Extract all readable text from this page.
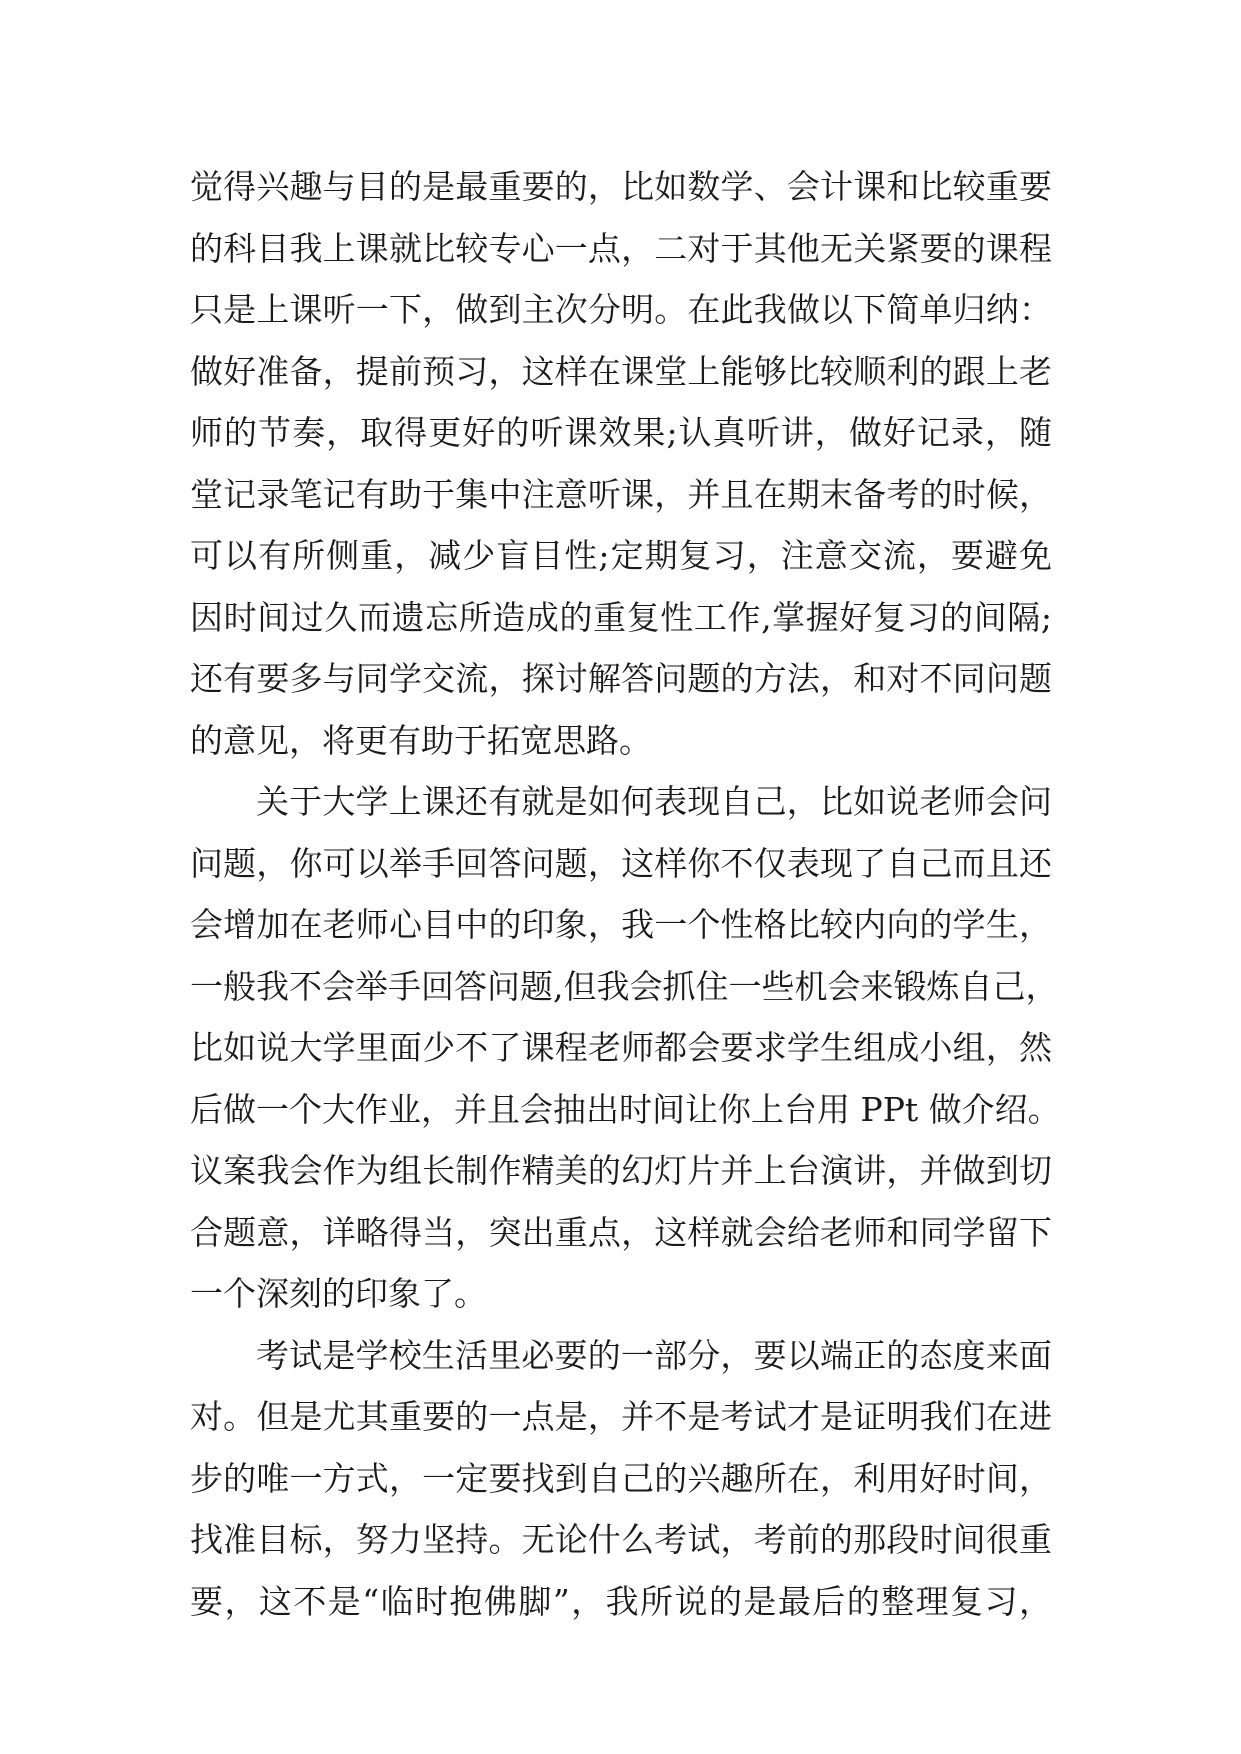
觉得兴趣与目的是最重要的，比如数学、会计课和比较重要
的科目我上课就比较专心一点，二对于其他无关紧要的课程
只是上课听一下，做到主次分明。在此我做以下简单归纳：
做好准备，提前预习，这样在课堂上能够比较顺利的跟上老
师的节奏，取得更好的听课效果;认真听讲，做好记录，随
堂记录笔记有助于集中注意听课，并且在期末备考的时候，
可以有所侧重，减少盲目性;定期复习，注意交流，要避免
因时间过久而遗忘所造成的重复性工作,掌握好复习的间隔;
还有要多与同学交流，探讨解答问题的方法，和对不同问题
的意见，将更有助于拓宽思路。
关于大学上课还有就是如何表现自己，比如说老师会问
问题，你可以举手回答问题，这样你不仅表现了自己而且还
会增加在老师心目中的印象，我一个性格比较内向的学生，
一般我不会举手回答问题,但我会抓住一些机会来锻炼自己，
比如说大学里面少不了课程老师都会要求学生组成小组，然
后做一个大作业，并且会抽出时间让你上台用 PPt 做介绍。
议案我会作为组长制作精美的幻灯片并上台演讲，并做到切
合题意，详略得当，突出重点，这样就会给老师和同学留下
一个深刻的印象了。
考试是学校生活里必要的一部分，要以端正的态度来面
对。但是尤其重要的一点是，并不是考试才是证明我们在进
步的唯一方式，一定要找到自己的兴趣所在，利用好时间，
找准目标，努力坚持。无论什么考试，考前的那段时间很重
要，这不是“临时抱佛脚”，我所说的是最后的整理复习，
